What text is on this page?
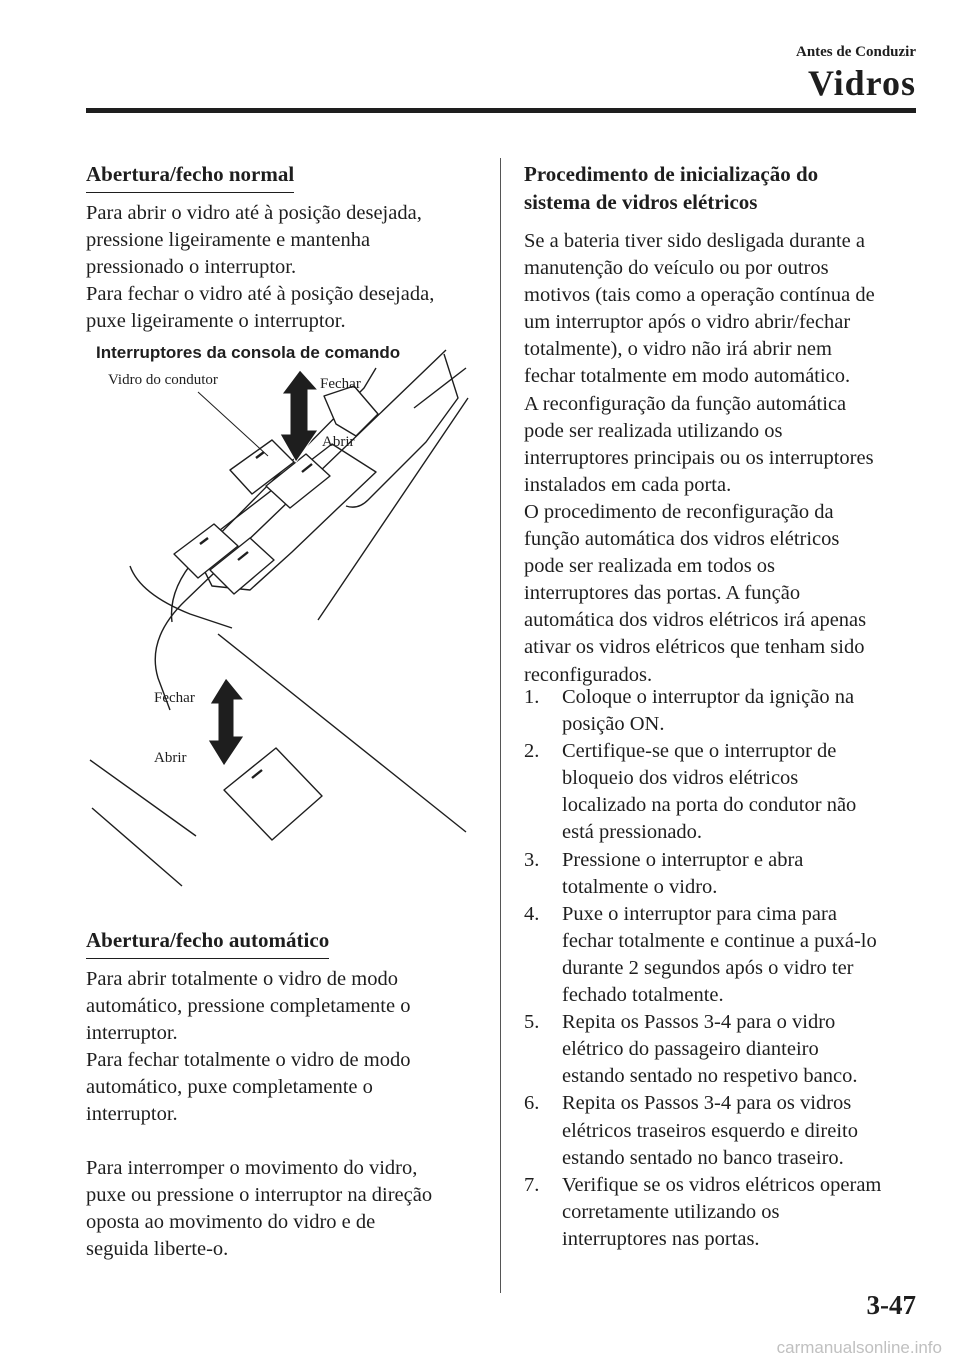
Antes de Conduzir
Vidros
Abertura/fecho normal

Para abrir o vidro até à posição desejada,
pressione ligeiramente e mantenha
pressionado o interruptor.
Para fechar o vidro até à posição desejada,
puxe ligeiramente o interruptor.

Interruptores da consola de comando
Vidro do condutor	Fechar
Abrir
Fechar
Abrir
Abertura/fecho automático

Para abrir totalmente o vidro de modo
automático, pressione completamente o
interruptor.
Para fechar totalmente o vidro de modo
automático, puxe completamente o
interruptor.

Para interromper o movimento do vidro,
puxe ou pressione o interruptor na direção
oposta ao movimento do vidro e de
seguida liberte-o.

Procedimento de inicialização do
sistema de vidros elétricos

Se a bateria tiver sido desligada durante a
manutenção do veículo ou por outros
motivos (tais como a operação contínua de
um interruptor após o vidro abrir/fechar
totalmente), o vidro não irá abrir nem
fechar totalmente em modo automático.
A reconfiguração da função automática
pode ser realizada utilizando os
interruptores principais ou os interruptores
instalados em cada porta.
O procedimento de reconfiguração da
função automática dos vidros elétricos
pode ser realizada em todos os
interruptores das portas. A função
automática dos vidros elétricos irá apenas
ativar os vidros elétricos que tenham sido
reconfigurados.

1. Coloque o interruptor da ignição na
posição ON.
2. Certifique-se que o interruptor de
bloqueio dos vidros elétricos
localizado na porta do condutor não
está pressionado.
3. Pressione o interruptor e abra
totalmente o vidro.
4. Puxe o interruptor para cima para
fechar totalmente e continue a puxá-lo
durante 2 segundos após o vidro ter
fechado totalmente.
5. Repita os Passos 3-4 para o vidro
elétrico do passageiro dianteiro
estando sentado no respetivo banco.
6. Repita os Passos 3-4 para os vidros
elétricos traseiros esquerdo e direito
estando sentado no banco traseiro.
7. Verifique se os vidros elétricos operam
corretamente utilizando os
interruptores nas portas.
3-47
carmanualsonline.info
